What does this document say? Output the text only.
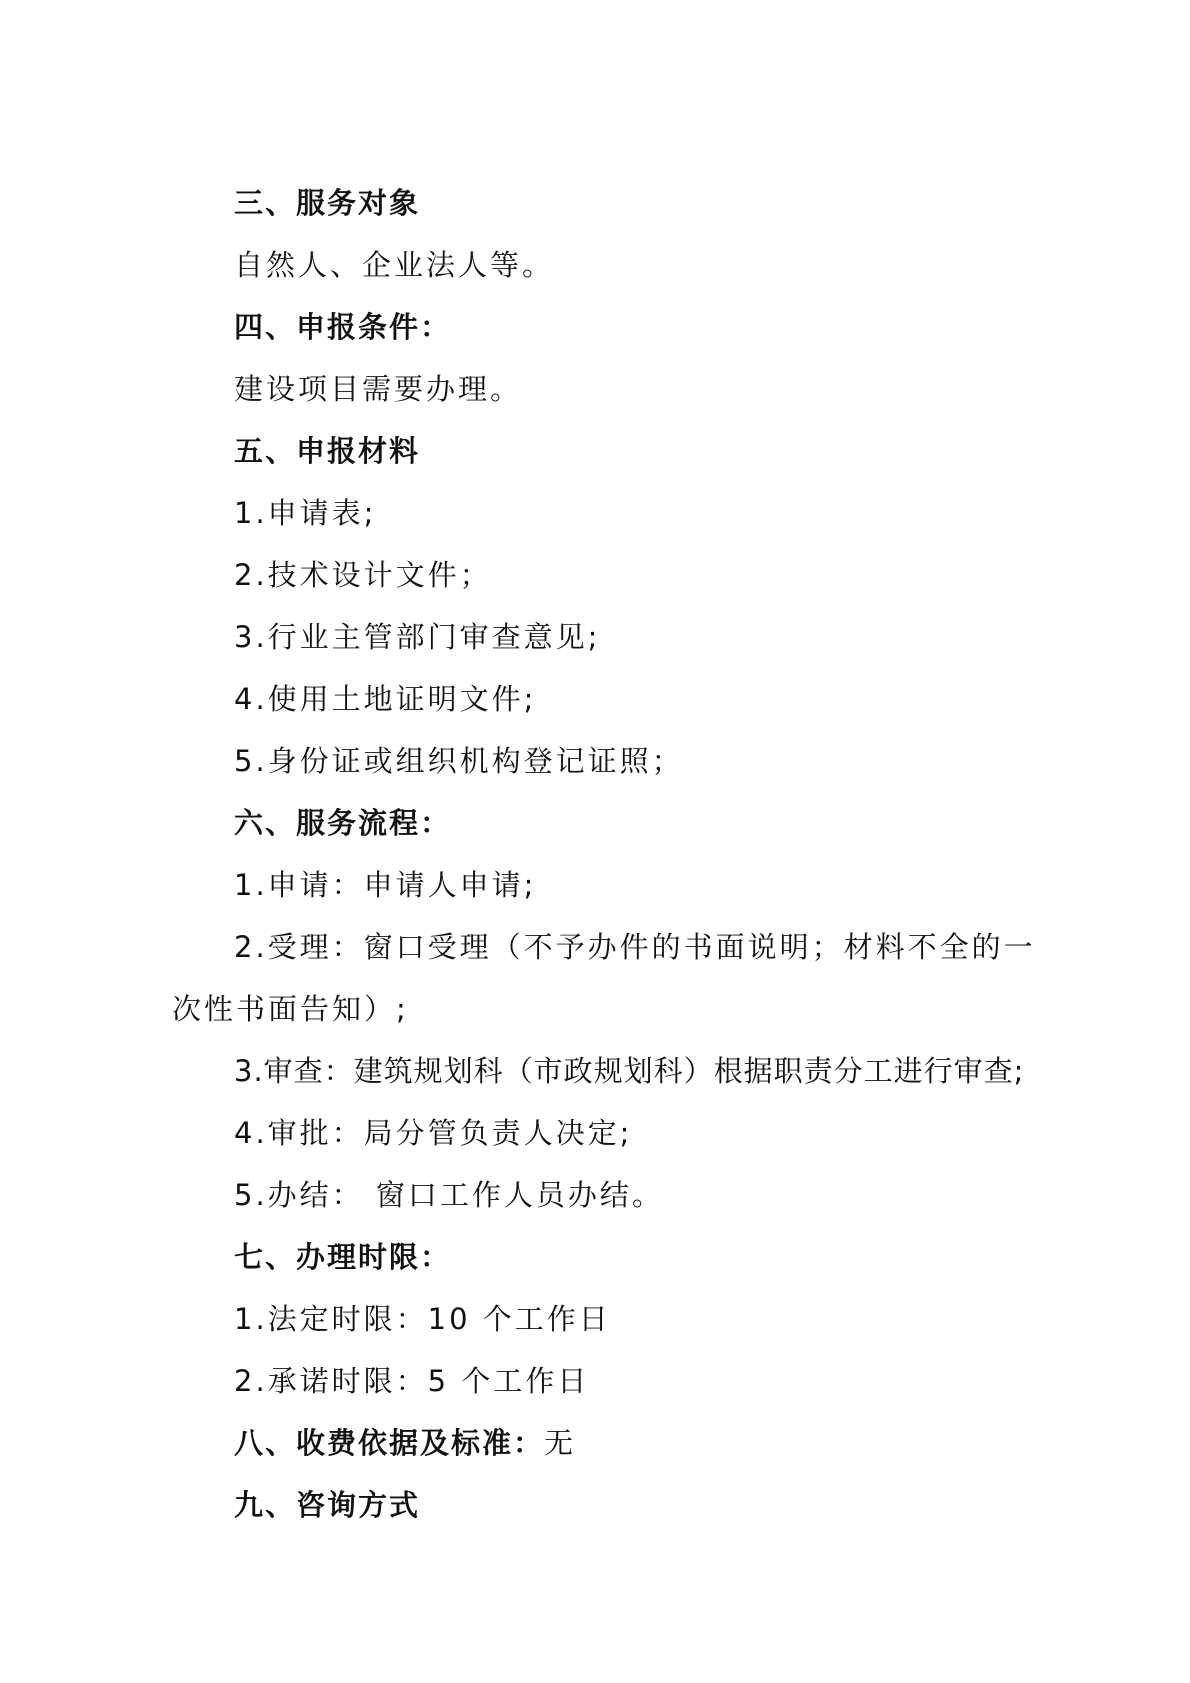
三、服务对象

自然人、企业法人等。

四、申报条件：

建设项目需要办理。

五、申报材料

1.申请表;

2.技术设计文件；

3.行业主管部门审查意见;

4.使用土地证明文件;

5.身份证或组织机构登记证照；

六、服务流程：

1.申请：申请人申请;

2.受理：窗口受理（不予办件的书面说明；材料不全的一次性书面告知）;

3.审查：建筑规划科（市政规划科）根据职责分工进行审查;

4.审批：局分管负责人决定;

5.办结： 窗口工作人员办结。

七、办理时限：

1.法定时限：10 个工作日

2.承诺时限：5 个工作日

八、收费依据及标准：无

九、咨询方式
